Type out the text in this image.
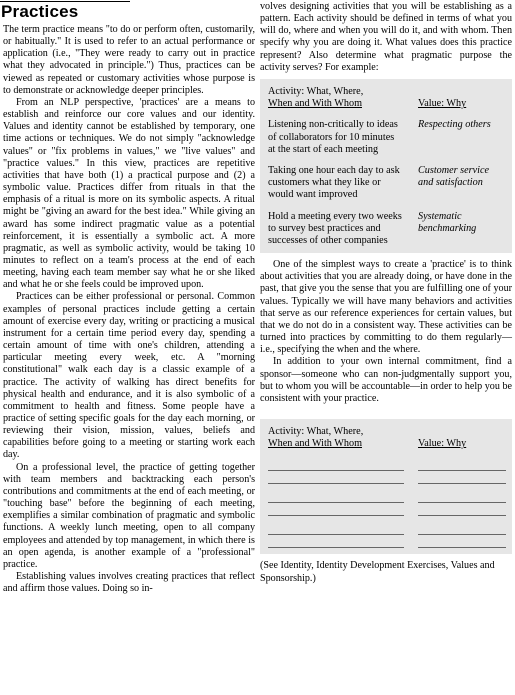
Practices

The term practice means "to do or perform often, customarily, or habitually." It is used to refer to an actual performance or application (i.e., "They were ready to carry out in practice what they advocated in principle.") Thus, practices can be viewed as repeated or customary activities whose purpose is to demonstrate or acknowledge deeper principles.

From an NLP perspective, 'practices' are a means to establish and reinforce our core values and our identity. Values and identity cannot be established by temporary, one time actions or techniques. We do not simply "acknowledge values" or "fix problems in values," we "live values" and "practice values." In this view, practices are repetitive activities that have both (1) a practical purpose and (2) a symbolic value. Practices differ from rituals in that the emphasis of a ritual is more on its symbolic aspects. A ritual might be "giving an award for the best idea." While giving an award has some indirect pragmatic value as a potential reinforcement, it is essentially a symbolic act. A more pragmatic, as well as symbolic activity, would be taking 10 minutes to reflect on a team's process at the end of each meeting, having each team member say what he or she liked and what he or she feels could be improved upon.

Practices can be either professional or personal. Common examples of personal practices include getting a certain amount of exercise every day, writing or practicing a musical instrument for a certain time period every day, spending a certain amount of time with one's children, attending a particular meeting every week, etc. A "morning constitutional" walk each day is a classic example of a practice. The activity of walking has direct benefits for physical health and endurance, and it is also symbolic of a commitment to health and fitness. Some people have a practice of setting specific goals for the day each morning, or reviewing their vision, mission, values, beliefs and capabilities before going to a meeting or starting work each day.

On a professional level, the practice of getting together with team members and backtracking each person's contributions and commitments at the end of each meeting, or "touching base" before the beginning of each meeting, exemplifies a similar combination of pragmatic and symbolic functions. A weekly lunch meeting, open to all company employees and attended by top management, in which there is an open agenda, is another example of a "professional" practice.

Establishing values involves creating practices that reflect and affirm those values. Doing so in-

volves designing activities that you will be establishing as a pattern. Each activity should be defined in terms of what you will do, where and when you will do it, and with whom. Then specify why you are doing it. What values does this practice represent? Also determine what pragmatic purpose the activity serves? For example:

Activity: What, Where,
When and With Whom
	Value: Why
Listening non-critically to ideas of collaborators for 10 minutes at the start of each meeting
Respecting others
Taking one hour each day to ask customers what they like or would want improved
Customer service and satisfaction
Hold a meeting every two weeks to survey best practices and successes of other companies
Systematic benchmarking

One of the simplest ways to create a 'practice' is to think about activities that you are already doing, or have done in the past, that give you the sense that you are fulfilling one of your values. Typically we will have many behaviors and activities that serve as our reference experiences for certain values, but that we do not do in a consistent way. These activities can be turned into practices by committing to do them regularly—i.e., specifying the when and the where.

In addition to your own internal commitment, find a sponsor—someone who can non-judgmentally support you, but to whom you will be accountable—in order to help you be consistent with your practice.

Activity: What, Where,
When and With Whom
	Value: Why

(See Identity, Identity Development Exercises, Values and Sponsorship.)
